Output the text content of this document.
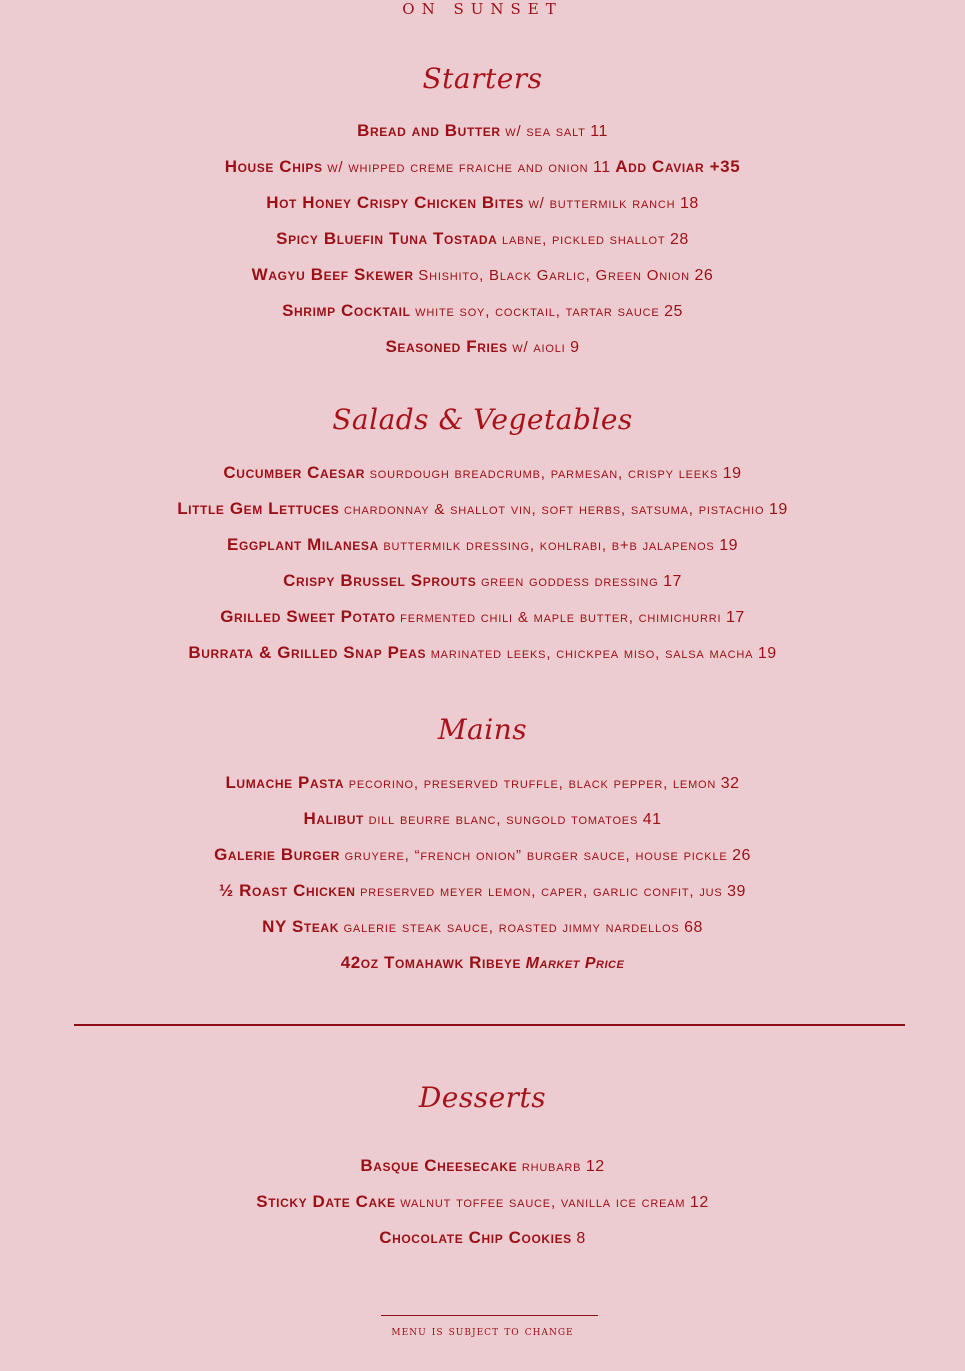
ON SUNSET
Starters
Bread and Butter w/ sea salt 11
House Chips w/ whipped creme fraiche and onion 11 Add Caviar +35
Hot Honey Crispy Chicken Bites w/ buttermilk ranch 18
Spicy Bluefin Tuna Tostada labne, pickled shallot 28
Wagyu Beef Skewer Shishito, Black Garlic, Green Onion 26
Shrimp Cocktail white soy, cocktail, tartar sauce 25
Seasoned Fries w/ aioli 9
Salads & Vegetables
Cucumber Caesar sourdough breadcrumb, parmesan, crispy leeks 19
Little Gem Lettuces chardonnay & shallot vin, soft herbs, satsuma, pistachio 19
Eggplant Milanesa buttermilk dressing, kohlrabi, b+b jalapenos 19
Crispy Brussel Sprouts green goddess dressing 17
Grilled Sweet Potato fermented chili & maple butter, chimichurri 17
Burrata & Grilled Snap Peas marinated leeks, chickpea miso, salsa macha 19
Mains
Lumache Pasta pecorino, preserved truffle, black pepper, lemon 32
Halibut dill beurre blanc, sungold tomatoes 41
Galerie Burger gruyere, “french onion” burger sauce, house pickle 26
½ Roast Chicken preserved meyer lemon, caper, garlic confit, jus 39
NY Steak galerie steak sauce, roasted jimmy nardellos 68
42oz Tomahawk Ribeye Market Price
Desserts
Basque Cheesecake rhubarb 12
Sticky Date Cake walnut toffee sauce, vanilla ice cream 12
Chocolate Chip Cookies 8
menu is subject to change
